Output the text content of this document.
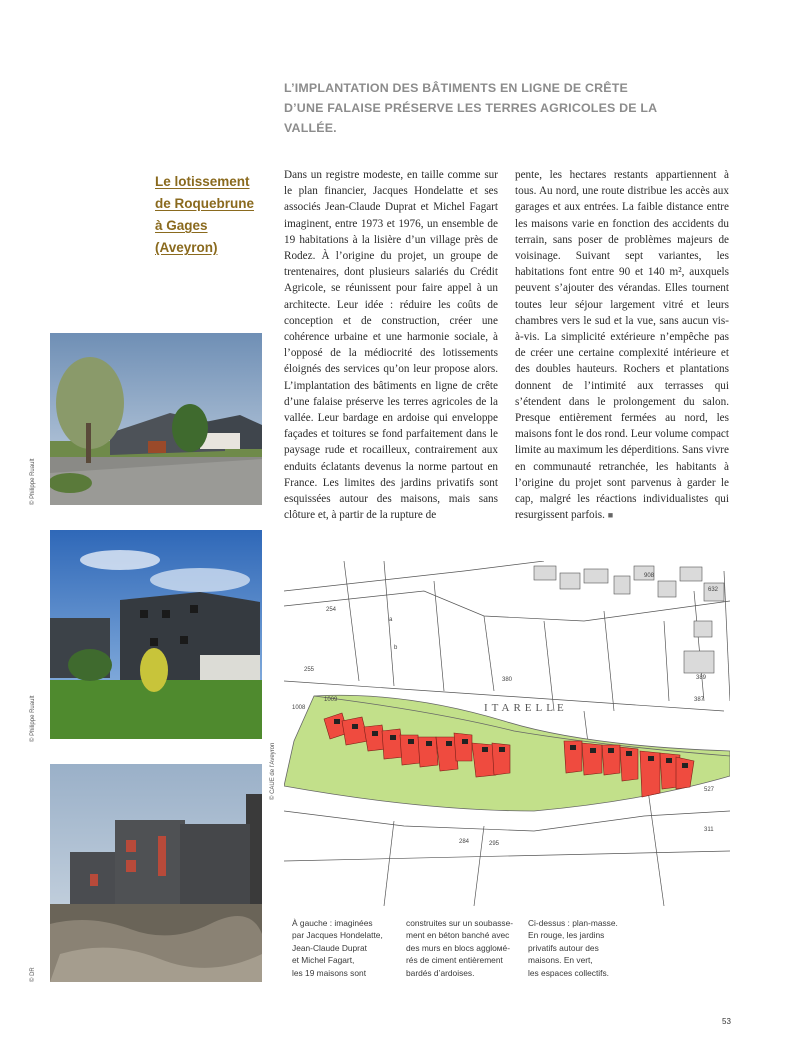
L’IMPLANTATION DES BÂTIMENTS EN LIGNE DE CRÊTE
D’UNE FALAISE PRÉSERVE LES TERRES AGRICOLES DE LA VALLÉE.
Le lotissement
de Roquebrune
à Gages
(Aveyron)

Dans un registre modeste, en taille comme sur le plan financier, Jacques Hondelatte et ses associés Jean-Claude Duprat et Michel Fagart imaginent, entre 1973 et 1976, un ensemble de 19 habitations à la lisière d’un village près de Rodez. À l’origine du projet, un groupe de trentenaires, dont plusieurs salariés du Crédit Agricole, se réunissent pour faire appel à un architecte. Leur idée : réduire les coûts de conception et de construction, créer une cohérence urbaine et une harmonie sociale, à l’opposé de la médiocrité des lotissements éloignés des services qu’on leur propose alors. L’implantation des bâtiments en ligne de crête d’une falaise préserve les terres agricoles de la vallée. Leur bardage en ardoise qui enveloppe façades et toitures se fond parfaitement dans le paysage rude et rocailleux, contrairement aux enduits éclatants devenus la norme partout en France. Les limites des jardins privatifs sont esquissées autour des maisons, mais sans clôture et, à partir de la rupture de

pente, les hectares restants appartiennent à tous. Au nord, une route distribue les accès aux garages et aux entrées. La faible distance entre les maisons varie en fonction des accidents du terrain, sans poser de problèmes majeurs de voisinage. Suivant sept variantes, les habitations font entre 90 et 140 m², auxquels peuvent s’ajouter des vérandas. Elles tournent toutes leur séjour largement vitré et leurs chambres vers le sud et la vue, sans aucun vis-à-vis. La simplicité extérieure n’empêche pas de créer une certaine complexité intérieure et des doubles hauteurs. Rochers et plantations donnent de l’intimité aux terrasses qui s’étendent dans le prolongement du salon. Presque entièrement fermées au nord, les maisons font le dos rond. Leur volume compact limite au maximum les déperditions. Sans vivre en communauté retranchée, les habitants à l’origine du projet sont parvenus à garder le cap, malgré les réactions individualistes qui resurgissent parfois. ■

© Philippe Ruault
© Philippe Ruault
© DR
© CAUE de l’Aveyron
ITARELLE
254
a
b
255
1008
1009
380
284	295
311
527
389
387
908
632
À gauche : imaginées
par Jacques Hondelatte,
Jean-Claude Duprat
et Michel Fagart,
les 19 maisons sont
construites sur un soubasse-
ment en béton banché avec
des murs en blocs aggloмé-
rés de ciment entièrement
bardés d’ardoises.
Ci-dessus : plan-masse.
En rouge, les jardins
privatifs autour des
maisons. En vert,
les espaces collectifs.
53
